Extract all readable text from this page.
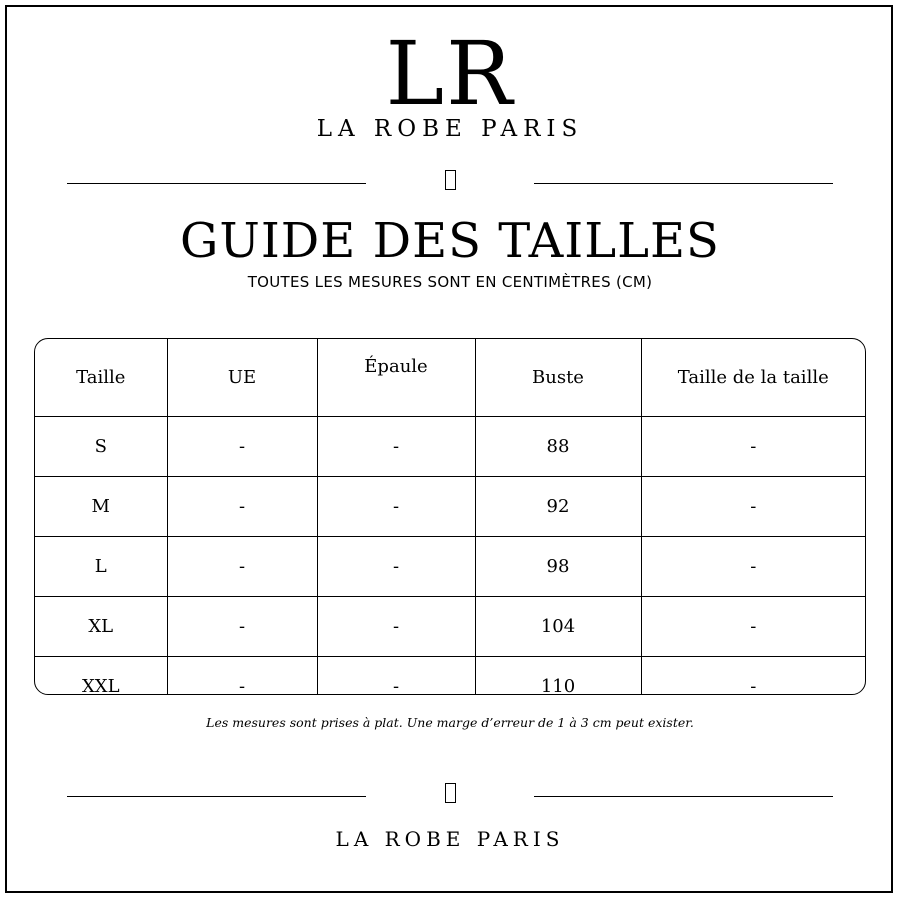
LR
LA ROBE PARIS
GUIDE DES TAILLES
TOUTES LES MESURES SONT EN CENTIMÈTRES (CM)
Taille	UE	Épaule	Buste	Taille de la taille
S	-	-	88	-
M	-	-	92	-
L	-	-	98	-
XL	-	-	104	-
XXL	-	-	110	-
Les mesures sont prises à plat. Une marge d’erreur de 1 à 3 cm peut exister.
LA ROBE PARIS
